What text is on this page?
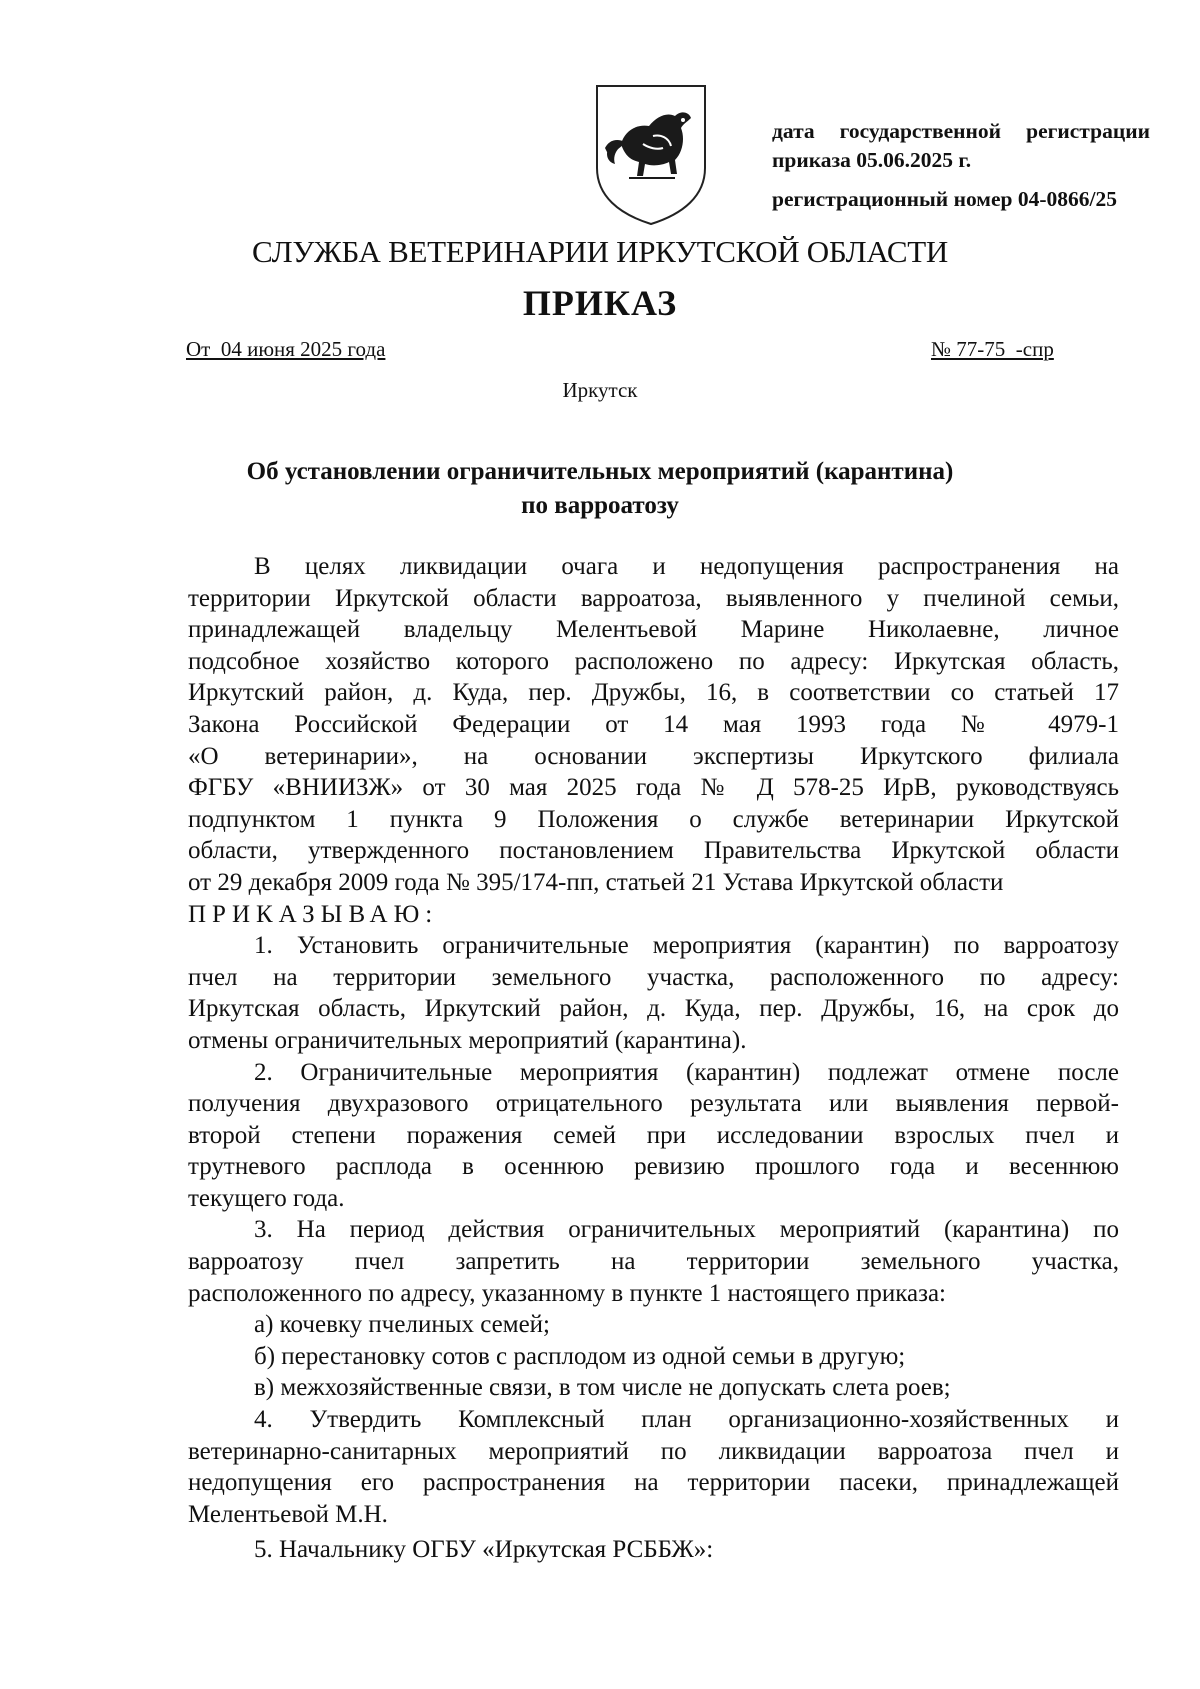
дата государственной регистрации
приказа 05.06.2025 г.
регистрационный номер 04-0866/25
СЛУЖБА ВЕТЕРИНАРИИ ИРКУТСКОЙ ОБЛАСТИ
ПРИКАЗ
От  04 июня 2025 года	№ 77-75  -спр
Иркутск
Об установлении ограничительных мероприятий (карантина)
по варроатозу
В целях ликвидации очага и недопущения распространения на
территории Иркутской области варроатоза, выявленного у пчелиной семьи,
принадлежащей владельцу Мелентьевой Марине Николаевне, личное
подсобное хозяйство которого расположено по адресу: Иркутская область,
Иркутский район, д. Куда, пер. Дружбы, 16, в соответствии со статьей 17
Закона Российской Федерации от 14 мая 1993 года № 4979-1
«О ветеринарии», на основании экспертизы Иркутского филиала
ФГБУ «ВНИИЗЖ» от 30 мая 2025 года № Д 578-25 ИрВ, руководствуясь
подпунктом 1 пункта 9 Положения о службе ветеринарии Иркутской
области, утвержденного постановлением Правительства Иркутской области
от 29 декабря 2009 года № 395/174-пп, статьей 21 Устава Иркутской области
ПРИКАЗЫВАЮ:
1. Установить ограничительные мероприятия (карантин) по варроатозу
пчел на территории земельного участка, расположенного по адресу:
Иркутская область, Иркутский район, д. Куда, пер. Дружбы, 16, на срок до
отмены ограничительных мероприятий (карантина).
2. Ограничительные мероприятия (карантин) подлежат отмене после
получения двухразового отрицательного результата или выявления первой-
второй степени поражения семей при исследовании взрослых пчел и
трутневого расплода в осеннюю ревизию прошлого года и весеннюю
текущего года.
3. На период действия ограничительных мероприятий (карантина) по
варроатозу пчел запретить на территории земельного участка,
расположенного по адресу, указанному в пункте 1 настоящего приказа:
а) кочевку пчелиных семей;
б) перестановку сотов с расплодом из одной семьи в другую;
в) межхозяйственные связи, в том числе не допускать слета роев;
4. Утвердить Комплексный план организационно-хозяйственных и
ветеринарно-санитарных мероприятий по ликвидации варроатоза пчел и
недопущения его распространения на территории пасеки, принадлежащей
Мелентьевой М.Н.
5. Начальнику ОГБУ «Иркутская РСББЖ»:
